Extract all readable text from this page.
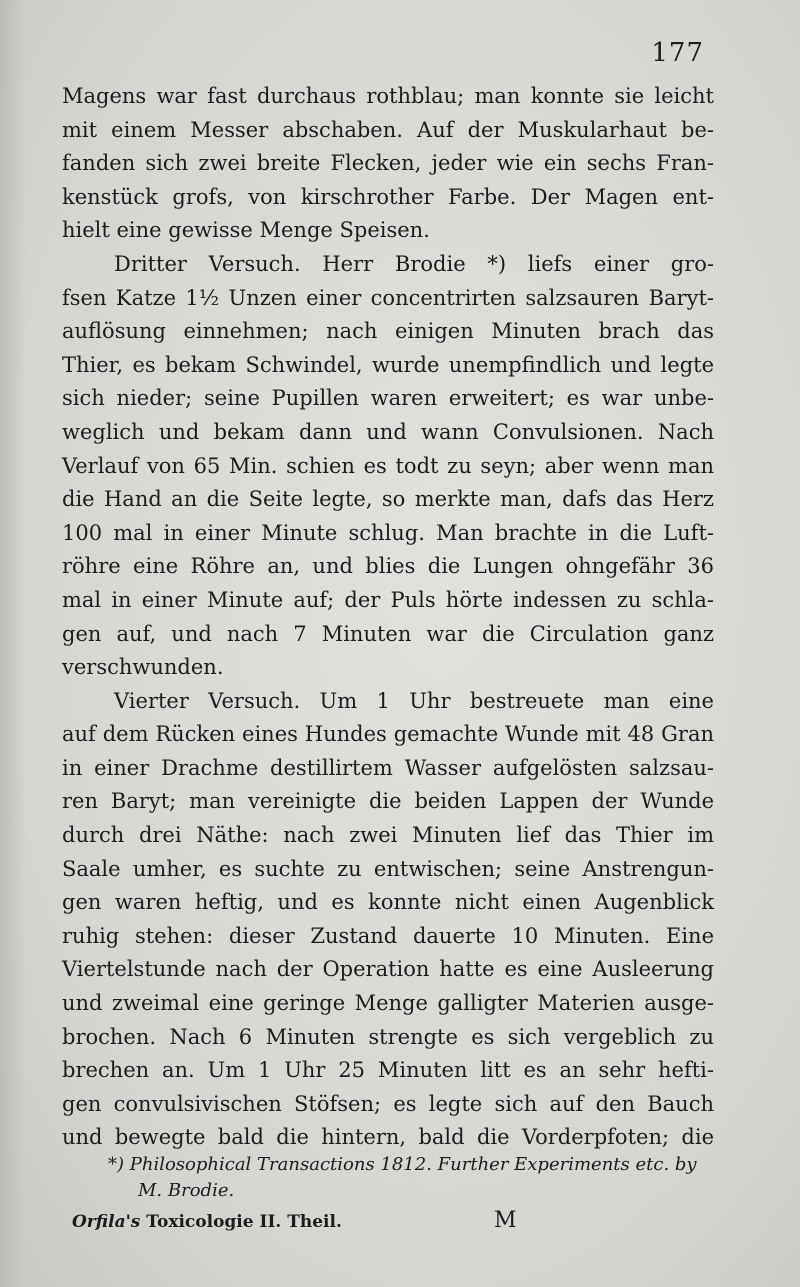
177
Magens war fast durchaus rothblau; man konnte sie leicht
mit einem Messer abschaben. Auf der Muskularhaut be-
fanden sich zwei breite Flecken, jeder wie ein sechs Fran-
kenstück grofs, von kirschrother Farbe. Der Magen ent-
hielt eine gewisse Menge Speisen.
Dritter Versuch. Herr Brodie *) liefs einer gro-
fsen Katze 1½ Unzen einer concentrirten salzsauren Baryt-
auflösung einnehmen; nach einigen Minuten brach das
Thier, es bekam Schwindel, wurde unempfindlich und legte
sich nieder; seine Pupillen waren erweitert; es war unbe-
weglich und bekam dann und wann Convulsionen. Nach
Verlauf von 65 Min. schien es todt zu seyn; aber wenn man
die Hand an die Seite legte, so merkte man, dafs das Herz
100 mal in einer Minute schlug. Man brachte in die Luft-
röhre eine Röhre an, und blies die Lungen ohngefähr 36
mal in einer Minute auf; der Puls hörte indessen zu schla-
gen auf, und nach 7 Minuten war die Circulation ganz
verschwunden.
Vierter Versuch. Um 1 Uhr bestreuete man eine
auf dem Rücken eines Hundes gemachte Wunde mit 48 Gran
in einer Drachme destillirtem Wasser aufgelösten salzsau-
ren Baryt; man vereinigte die beiden Lappen der Wunde
durch drei Näthe: nach zwei Minuten lief das Thier im
Saale umher, es suchte zu entwischen; seine Anstrengun-
gen waren heftig, und es konnte nicht einen Augenblick
ruhig stehen: dieser Zustand dauerte 10 Minuten. Eine
Viertelstunde nach der Operation hatte es eine Ausleerung
und zweimal eine geringe Menge galligter Materien ausge-
brochen. Nach 6 Minuten strengte es sich vergeblich zu
brechen an. Um 1 Uhr 25 Minuten litt es an sehr hefti-
gen convulsivischen Stöfsen; es legte sich auf den Bauch
und bewegte bald die hintern, bald die Vorderpfoten; die
*) Philosophical Transactions 1812. Further Experiments etc. by
M. Brodie.
Orfila's Toxicologie II. Theil.	M
